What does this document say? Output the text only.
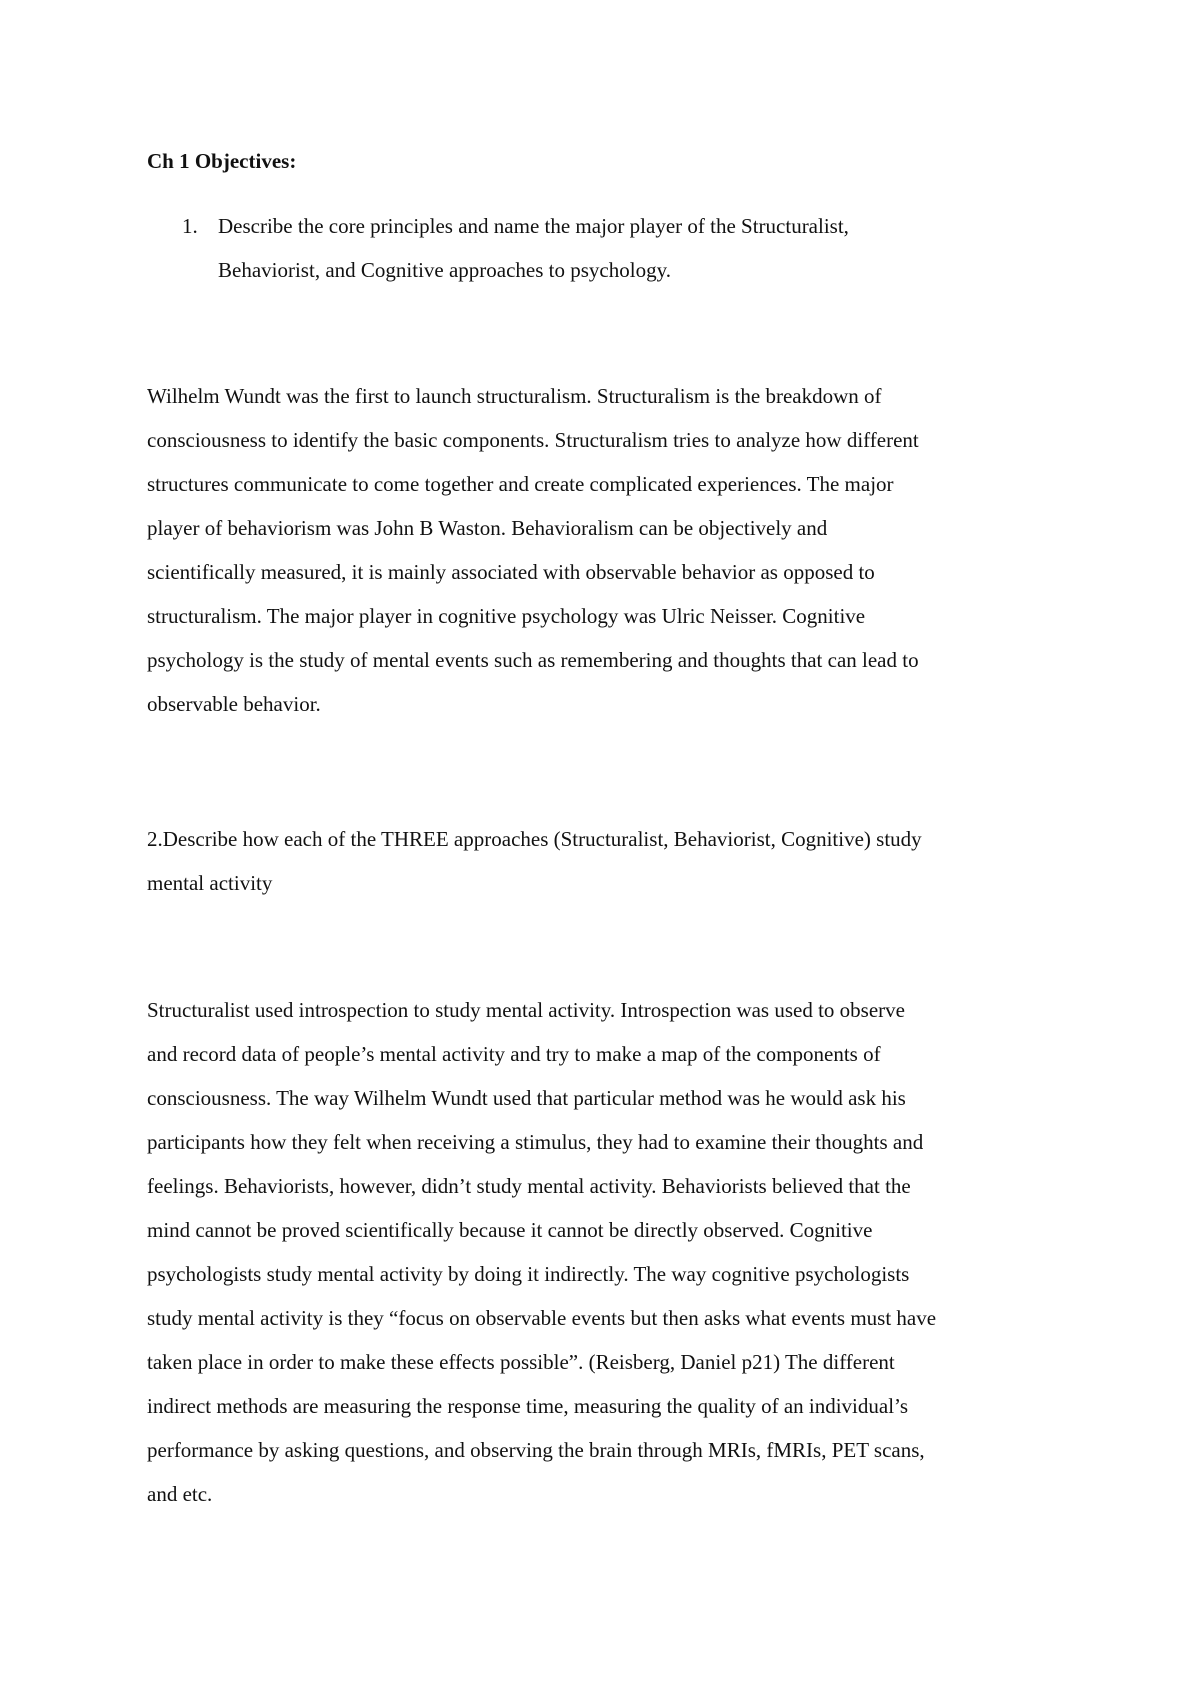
Ch 1 Objectives:
1. Describe the core principles and name the major player of the Structuralist,
Behaviorist, and Cognitive approaches to psychology.
Wilhelm Wundt was the first to launch structuralism. Structuralism is the breakdown of
consciousness to identify the basic components. Structuralism tries to analyze how different
structures communicate to come together and create complicated experiences. The major
player of behaviorism was John B Waston. Behavioralism can be objectively and
scientifically measured, it is mainly associated with observable behavior as opposed to
structuralism. The major player in cognitive psychology was Ulric Neisser. Cognitive
psychology is the study of mental events such as remembering and thoughts that can lead to
observable behavior.
2.Describe how each of the THREE approaches (Structuralist, Behaviorist, Cognitive) study
mental activity
Structuralist used introspection to study mental activity. Introspection was used to observe
and record data of people’s mental activity and try to make a map of the components of
consciousness. The way Wilhelm Wundt used that particular method was he would ask his
participants how they felt when receiving a stimulus, they had to examine their thoughts and
feelings. Behaviorists, however, didn’t study mental activity. Behaviorists believed that the
mind cannot be proved scientifically because it cannot be directly observed. Cognitive
psychologists study mental activity by doing it indirectly. The way cognitive psychologists
study mental activity is they “focus on observable events but then asks what events must have
taken place in order to make these effects possible”. (Reisberg, Daniel p21) The different
indirect methods are measuring the response time, measuring the quality of an individual’s
performance by asking questions, and observing the brain through MRIs, fMRIs, PET scans,
and etc.
